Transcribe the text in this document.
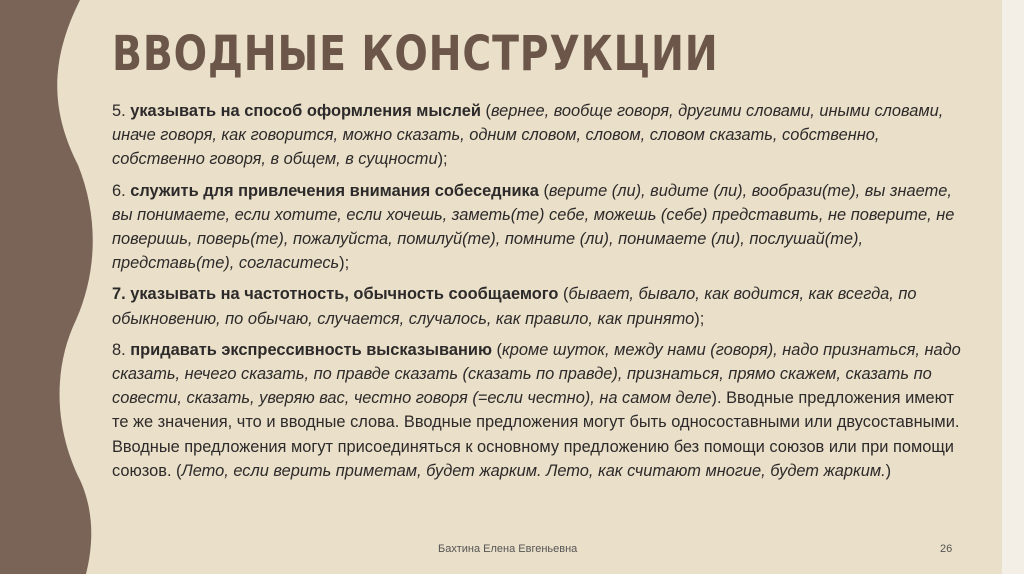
ВВОДНЫЕ КОНСТРУКЦИИ

5. указывать на способ оформления мыслей (вернее, вообще говоря, другими словами, иными словами, иначе говоря, как говорится, можно сказать, одним словом, словом, словом сказать, собственно, собственно говоря, в общем, в сущности);

6. служить для привлечения внимания собеседника (верите (ли), видите (ли), вообрази(те), вы знаете, вы понимаете, если хотите, если хочешь, заметь(те) себе, можешь (себе) представить, не поверите, не поверишь, поверь(те), пожалуйста, помилуй(те), помните (ли), понимаете (ли), послушай(те), представь(те), согласитесь);

7. указывать на частотность, обычность сообщаемого (бывает, бывало, как водится, как всегда, по обыкновению, по обычаю, случается, случалось, как правило, как принято);

8. придавать экспрессивность высказыванию (кроме шуток, между нами (говоря), надо признаться, надо сказать, нечего сказать, по правде сказать (сказать по правде), признаться, прямо скажем, сказать по совести, сказать, уверяю вас, честно говоря (=если честно), на самом деле). Вводные предложения имеют те же значения, что и вводные слова. Вводные предложения могут быть односоставными или двусоставными. Вводные предложения могут присоединяться к основному предложению без помощи союзов или при помощи союзов. (Лето, если верить приметам, будет жарким. Лето, как считают многие, будет жарким.)

Бахтина Елена Евгеньевна	26
